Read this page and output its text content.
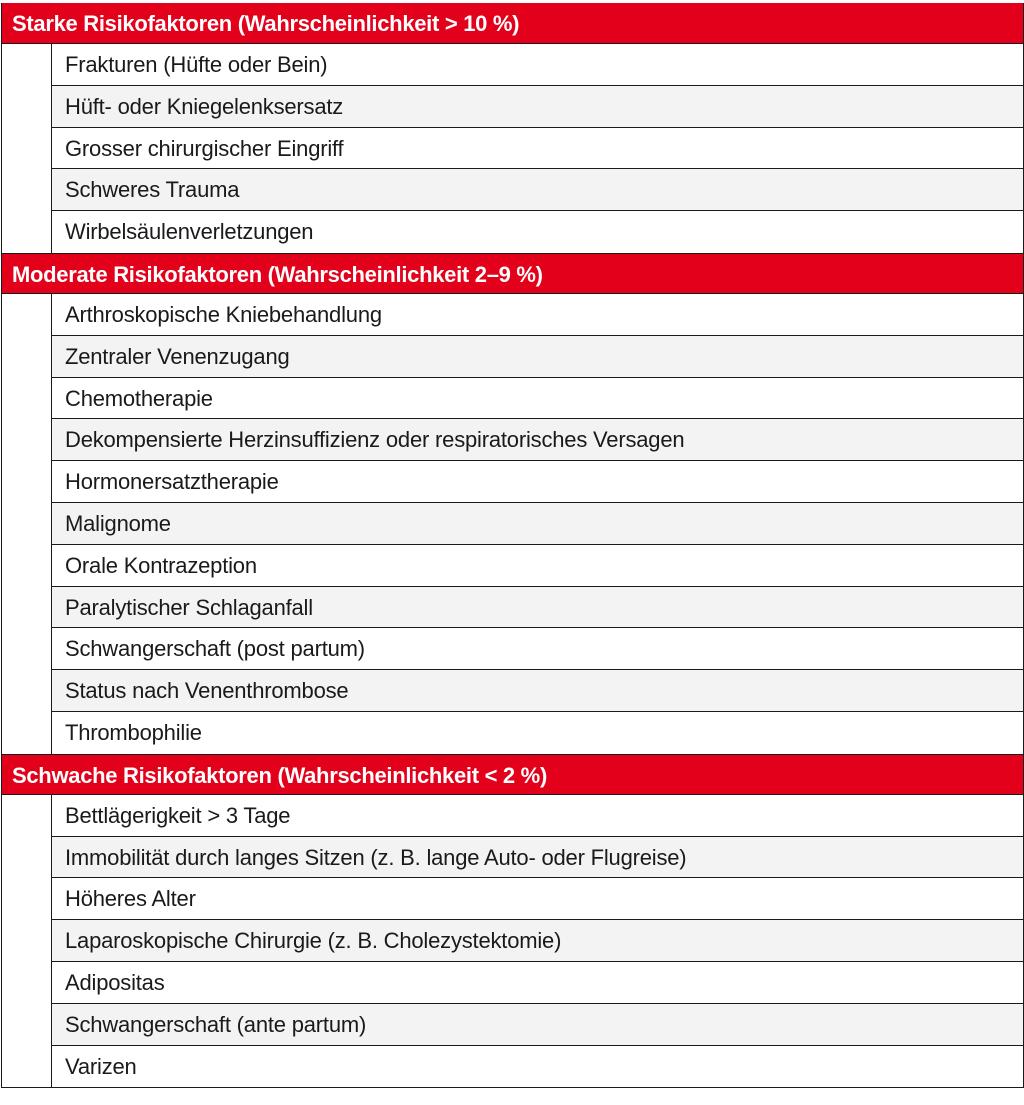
Starke Risikofaktoren (Wahrscheinlichkeit > 10 %)
Frakturen (Hüfte oder Bein)
Hüft- oder Kniegelenksersatz
Grosser chirurgischer Eingriff
Schweres Trauma
Wirbelsäulenverletzungen
Moderate Risikofaktoren (Wahrscheinlichkeit 2–9 %)
Arthroskopische Kniebehandlung
Zentraler Venenzugang
Chemotherapie
Dekompensierte Herzinsuffizienz oder respiratorisches Versagen
Hormonersatztherapie
Malignome
Orale Kontrazeption
Paralytischer Schlaganfall
Schwangerschaft (post partum)
Status nach Venenthrombose
Thrombophilie
Schwache Risikofaktoren (Wahrscheinlichkeit < 2 %)
Bettlägerigkeit > 3 Tage
Immobilität durch langes Sitzen (z. B. lange Auto- oder Flugreise)
Höheres Alter
Laparoskopische Chirurgie (z. B. Cholezystektomie)
Adipositas
Schwangerschaft (ante partum)
Varizen
